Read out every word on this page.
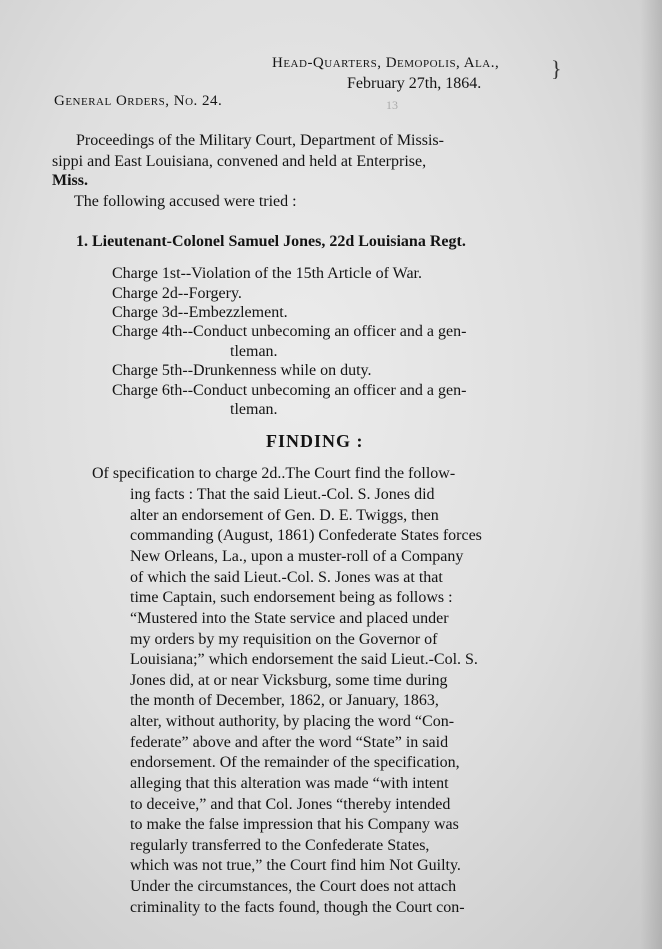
Head-Quarters, Demopolis, Ala.,
February 27th, 1864.
}
General Orders, No. 24.	13
Proceedings of the Military Court, Department of Missis-
sippi and East Louisiana, convened and held at Enterprise,
Miss.
The following accused were tried :
1. Lieutenant-Colonel Samuel Jones, 22d Louisiana Regt.
Charge 1st--Violation of the 15th Article of War.
Charge 2d--Forgery.
Charge 3d--Embezzlement.
Charge 4th--Conduct unbecoming an officer and a gen-
tleman.
Charge 5th--Drunkenness while on duty.
Charge 6th--Conduct unbecoming an officer and a gen-
tleman.
FINDING :
Of specification to charge 2d..The Court find the follow-
ing facts : That the said Lieut.-Col. S. Jones did
alter an endorsement of Gen. D. E. Twiggs, then
commanding (August, 1861) Confederate States forces
New Orleans, La., upon a muster-roll of a Company
of which the said Lieut.-Col. S. Jones was at that
time Captain, such endorsement being as follows :
“Mustered into the State service and placed under
my orders by my requisition on the Governor of
Louisiana;” which endorsement the said Lieut.-Col. S.
Jones did, at or near Vicksburg, some time during
the month of December, 1862, or January, 1863,
alter, without authority, by placing the word “Con-
federate” above and after the word “State” in said
endorsement. Of the remainder of the specification,
alleging that this alteration was made “with intent
to deceive,” and that Col. Jones “thereby intended
to make the false impression that his Company was
regularly transferred to the Confederate States,
which was not true,” the Court find him Not Guilty.
Under the circumstances, the Court does not attach
criminality to the facts found, though the Court con-
